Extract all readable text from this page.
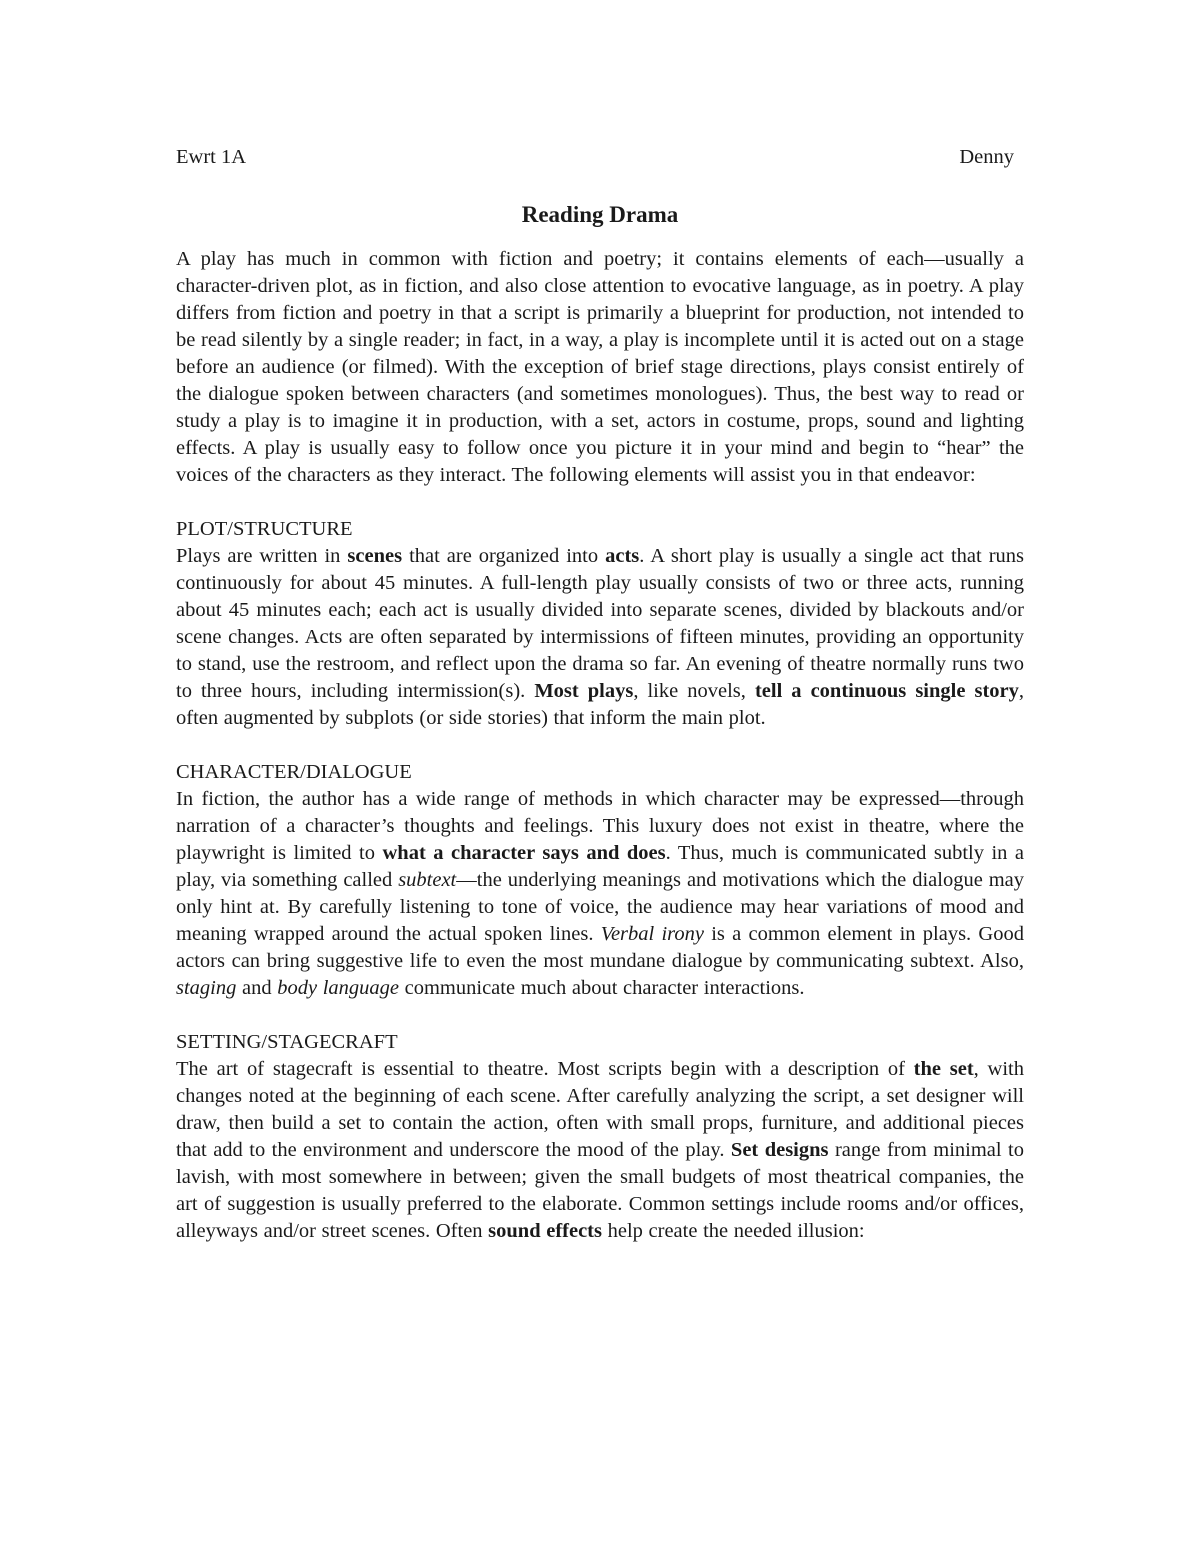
Ewrt 1A	Denny
Reading Drama

A play has much in common with fiction and poetry; it contains elements of each—usually a character-driven plot, as in fiction, and also close attention to evocative language, as in poetry. A play differs from fiction and poetry in that a script is primarily a blueprint for production, not intended to be read silently by a single reader; in fact, in a way, a play is incomplete until it is acted out on a stage before an audience (or filmed). With the exception of brief stage directions, plays consist entirely of the dialogue spoken between characters (and sometimes monologues). Thus, the best way to read or study a play is to imagine it in production, with a set, actors in costume, props, sound and lighting effects. A play is usually easy to follow once you picture it in your mind and begin to “hear” the voices of the characters as they interact. The following elements will assist you in that endeavor:

PLOT/STRUCTURE

Plays are written in scenes that are organized into acts. A short play is usually a single act that runs continuously for about 45 minutes. A full-length play usually consists of two or three acts, running about 45 minutes each; each act is usually divided into separate scenes, divided by blackouts and/or scene changes. Acts are often separated by intermissions of fifteen minutes, providing an opportunity to stand, use the restroom, and reflect upon the drama so far. An evening of theatre normally runs two to three hours, including intermission(s). Most plays, like novels, tell a continuous single story, often augmented by subplots (or side stories) that inform the main plot.

CHARACTER/DIALOGUE

In fiction, the author has a wide range of methods in which character may be expressed—through narration of a character’s thoughts and feelings. This luxury does not exist in theatre, where the playwright is limited to what a character says and does. Thus, much is communicated subtly in a play, via something called subtext—the underlying meanings and motivations which the dialogue may only hint at. By carefully listening to tone of voice, the audience may hear variations of mood and meaning wrapped around the actual spoken lines. Verbal irony is a common element in plays. Good actors can bring suggestive life to even the most mundane dialogue by communicating subtext. Also, staging and body language communicate much about character interactions.

SETTING/STAGECRAFT

The art of stagecraft is essential to theatre. Most scripts begin with a description of the set, with changes noted at the beginning of each scene. After carefully analyzing the script, a set designer will draw, then build a set to contain the action, often with small props, furniture, and additional pieces that add to the environment and underscore the mood of the play. Set designs range from minimal to lavish, with most somewhere in between; given the small budgets of most theatrical companies, the art of suggestion is usually preferred to the elaborate. Common settings include rooms and/or offices, alleyways and/or street scenes. Often sound effects help create the needed illusion:
